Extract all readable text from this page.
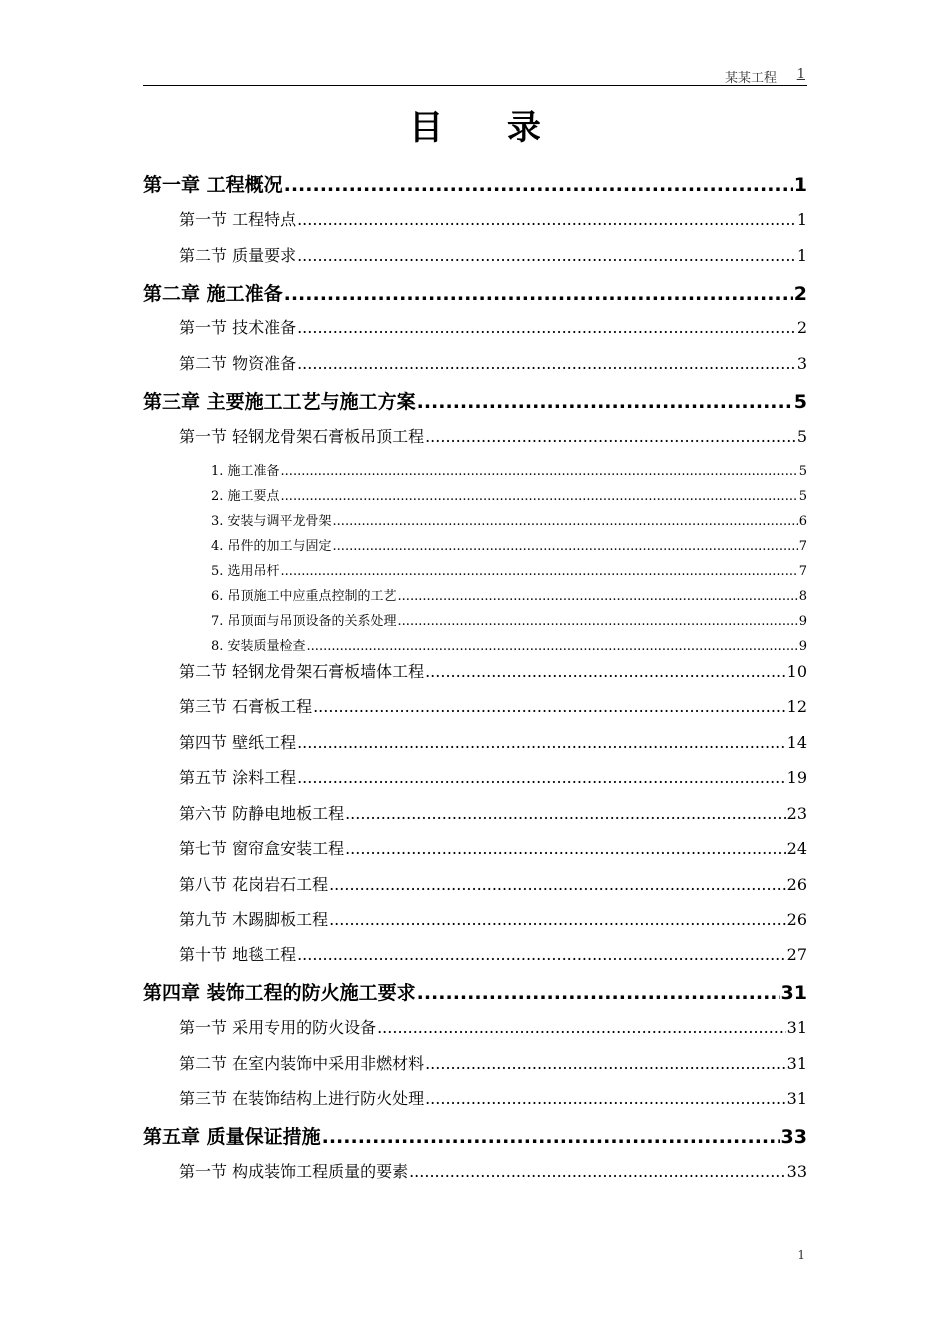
某某工程 1
目 录
第一章 工程概况 .....	1
第一节 工程特点 .....	1
第二节 质量要求 .....	1
第二章 施工准备 .....	2
第一节 技术准备 .....	2
第二节 物资准备 .....	3
第三章 主要施工工艺与施工方案 .....	5
第一节 轻钢龙骨架石膏板吊顶工程 .....	5
1. 施工准备 .....	5
2. 施工要点 .....	5
3. 安装与调平龙骨架 .....	6
4. 吊件的加工与固定 .....	7
5. 选用吊杆 .....	7
6. 吊顶施工中应重点控制的工艺 .....	8
7. 吊顶面与吊顶设备的关系处理 .....	9
8. 安装质量检查 .....	9
第二节 轻钢龙骨架石膏板墙体工程 .....	10
第三节 石膏板工程 .....	12
第四节 壁纸工程 .....	14
第五节 涂料工程 .....	19
第六节 防静电地板工程 .....	23
第七节 窗帘盒安装工程 .....	24
第八节 花岗岩石工程 .....	26
第九节 木踢脚板工程 .....	26
第十节 地毯工程 .....	27
第四章 装饰工程的防火施工要求 .....	31
第一节 采用专用的防火设备 .....	31
第二节 在室内装饰中采用非燃材料 .....	31
第三节 在装饰结构上进行防火处理 .....	31
第五章 质量保证措施 .....	33
第一节 构成装饰工程质量的要素 .....	33
1
